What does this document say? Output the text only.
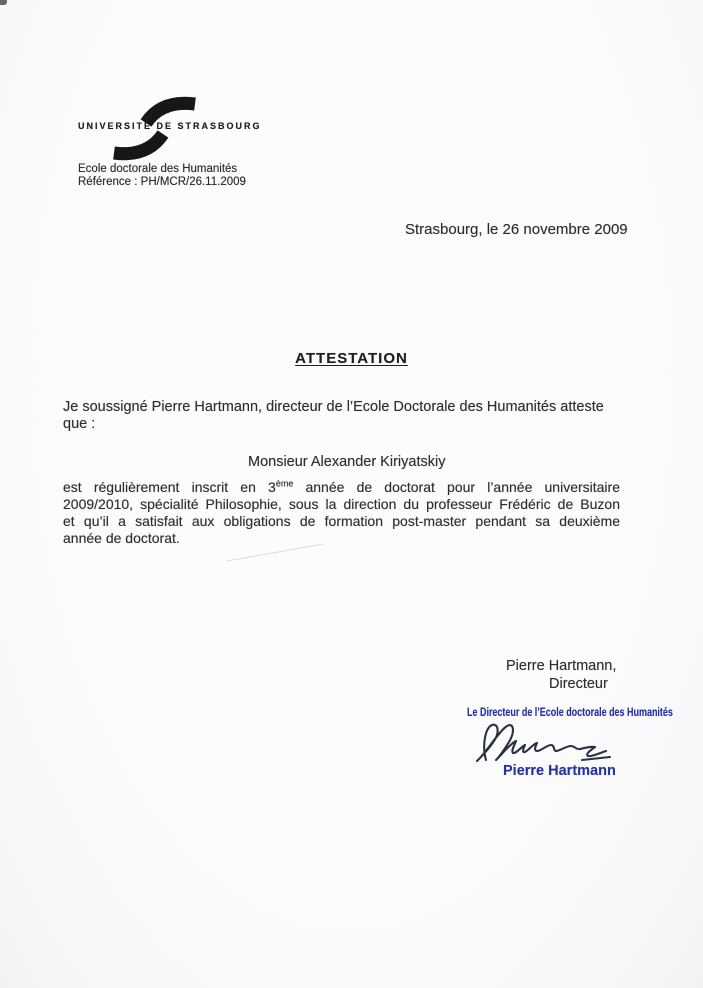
UNIVERSITÉ DE STRASBOURG
Ecole doctorale des Humanités
Référence : PH/MCR/26.11.2009
Strasbourg, le 26 novembre 2009
ATTESTATION
Je soussigné Pierre Hartmann, directeur de l’Ecole Doctorale des Humanités atteste
que :
Monsieur Alexander Kiriyatskiy
est régulièrement inscrit en 3ème année de doctorat pour l’année universitaire
2009/2010, spécialité Philosophie, sous la direction du professeur Frédéric de Buzon
et qu’il a satisfait aux obligations de formation post-master pendant sa deuxième
année de doctorat.
Pierre Hartmann,
Directeur
Le Directeur de l’Ecole doctorale des Humanités
Pierre Hartmann
